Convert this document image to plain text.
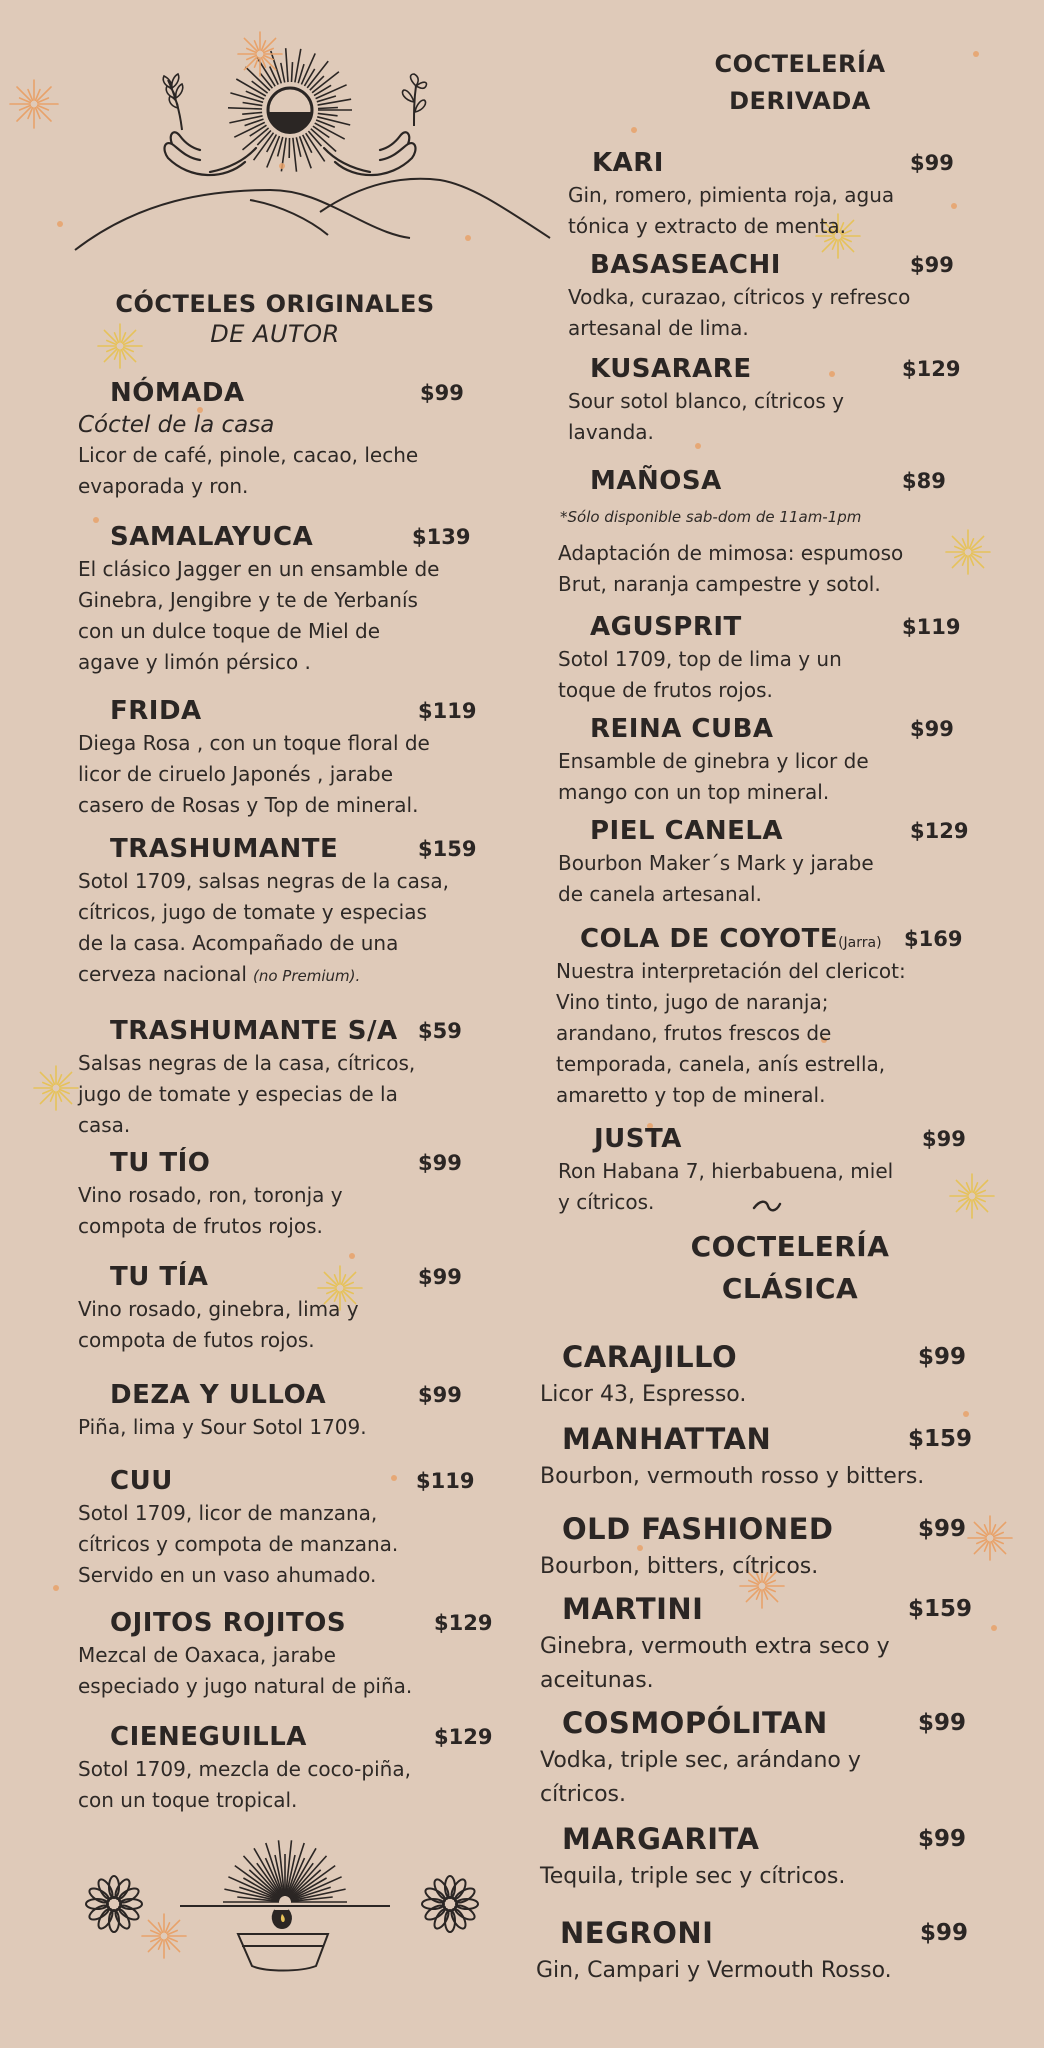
CÓCTELES ORIGINALES
DE AUTOR
NÓMADA	$99
Cóctel de la casa
Licor de café, pinole, cacao, leche
evaporada y ron.
SAMALAYUCA	$139
El clásico Jagger en un ensamble de
Ginebra, Jengibre y te de Yerbanís
con un dulce toque de Miel de
agave y limón pérsico .
FRIDA	$119
Diega Rosa , con un toque floral de
licor de ciruelo Japonés , jarabe
casero de Rosas y Top de mineral.
TRASHUMANTE	$159
Sotol 1709, salsas negras de la casa,
cítricos, jugo de tomate y especias
de la casa. Acompañado de una
cerveza nacional (no Premium).
TRASHUMANTE S/A $59
Salsas negras de la casa, cítricos,
jugo de tomate y especias de la
casa.
TU TÍO	$99
Vino rosado, ron, toronja y
compota de frutos rojos.
TU TÍA	$99
Vino rosado, ginebra, lima y
compota de futos rojos.
DEZA Y ULLOA	$99
Piña, lima y Sour Sotol 1709.
CUU	$119
Sotol 1709, licor de manzana,
cítricos y compota de manzana.
Servido en un vaso ahumado.
OJITOS ROJITOS	$129
Mezcal de Oaxaca, jarabe
especiado y jugo natural de piña.
CIENEGUILLA	$129
Sotol 1709, mezcla de coco-piña,
con un toque tropical.
KARI	$99
Gin, romero, pimienta roja, agua
tónica y extracto de menta.
BASASEACHI	$99
Vodka, curazao, cítricos y refresco
artesanal de lima.
KUSARARE	$129
Sour sotol blanco, cítricos y
lavanda.
MAÑOSA	$89
*Sólo disponible sab-dom de 11am-1pm
Adaptación de mimosa: espumoso
Brut, naranja campestre y sotol.
AGUSPRIT	$119
Sotol 1709, top de lima y un
toque de frutos rojos.
REINA CUBA	$99
Ensamble de ginebra y licor de
mango con un top mineral.
PIEL CANELA	$129
Bourbon Maker´s Mark y jarabe
de canela artesanal.
COLA DE COYOTE(Jarra) $169
Nuestra interpretación del clericot:
Vino tinto, jugo de naranja;
arandano, frutos frescos de
temporada, canela, anís estrella,
amaretto y top de mineral.
JUSTA	$99
Ron Habana 7, hierbabuena, miel
y cítricos.
CARAJILLO	$99
Licor 43, Espresso.
MANHATTAN	$159
Bourbon, vermouth rosso y bitters.
OLD FASHIONED	$99
Bourbon, bitters, cítricos.
MARTINI	$159
Ginebra, vermouth extra seco y
aceitunas.
COSMOPÓLITAN	$99
Vodka, triple sec, arándano y
cítricos.
MARGARITA	$99
Tequila, triple sec y cítricos.
NEGRONI	$99
Gin, Campari y Vermouth Rosso.
COCTELERÍA
DERIVADA
COCTELERÍA
CLÁSICA
